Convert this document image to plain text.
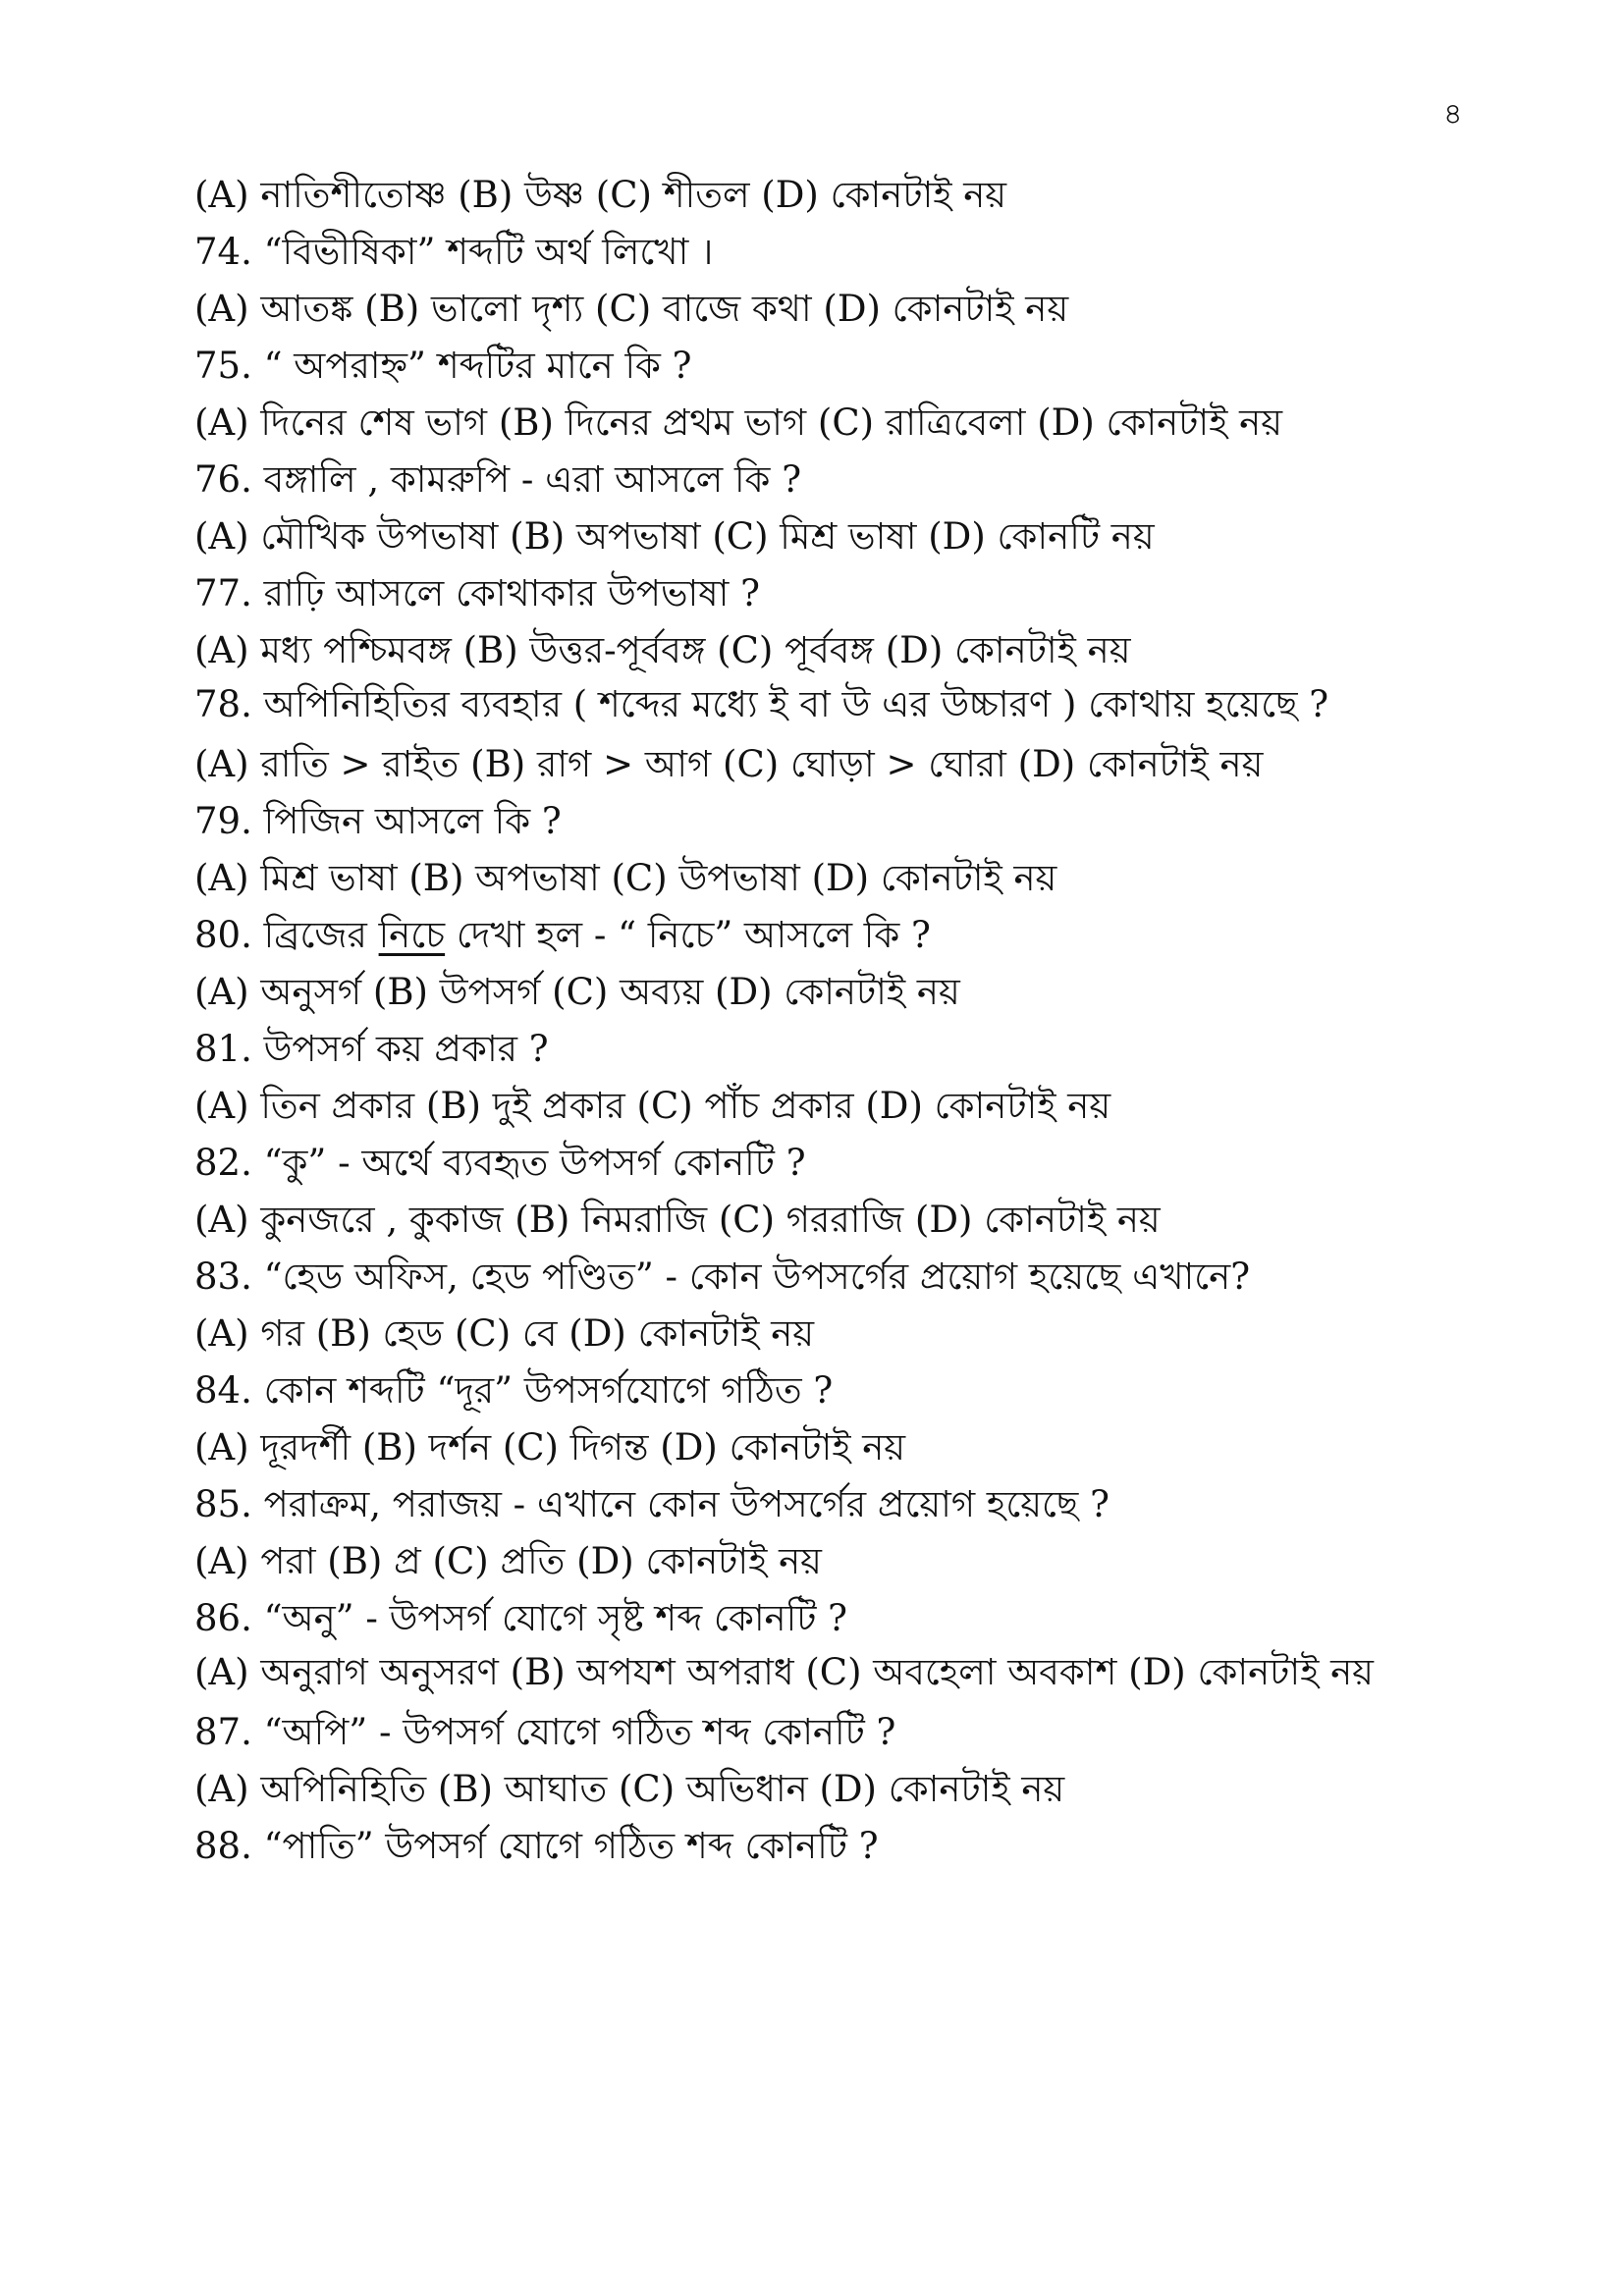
৪
(A) নাতিশীতোষ্ণ (B) উষ্ণ (C) শীতল (D) কোনটাই নয়
74. “বিভীষিকা” শব্দটি অর্থ লিখো ।
(A) আতঙ্ক (B) ভালো দৃশ্য (C) বাজে কথা (D) কোনটাই নয়
75. “ অপরাহ্ন” শব্দটির মানে কি ?
(A) দিনের শেষ ভাগ (B) দিনের প্রথম ভাগ (C) রাত্রিবেলা (D) কোনটাই নয়
76. বঙ্গালি , কামরুপি - এরা আসলে কি ?
(A) মৌখিক উপভাষা (B) অপভাষা (C) মিশ্র ভাষা (D) কোনটি নয়
77. রাঢ়ি আসলে কোথাকার উপভাষা ?
(A) মধ্য পশ্চিমবঙ্গ (B) উত্তর-পূর্ববঙ্গ (C) পূর্ববঙ্গ (D) কোনটাই নয়
78. অপিনিহিতির ব্যবহার ( শব্দের মধ্যে ই বা উ এর উচ্চারণ ) কোথায় হয়েছে ?
(A) রাতি > রাইত (B) রাগ > আগ (C) ঘোড়া > ঘোরা (D) কোনটাই নয়
79. পিজিন আসলে কি ?
(A) মিশ্র ভাষা (B) অপভাষা (C) উপভাষা (D) কোনটাই নয়
80. ব্রিজের নিচে দেখা হল - “ নিচে” আসলে কি ?
(A) অনুসর্গ (B) উপসর্গ (C) অব্যয় (D) কোনটাই নয়
81. উপসর্গ কয় প্রকার ?
(A) তিন প্রকার (B) দুই প্রকার (C) পাঁচ প্রকার (D) কোনটাই নয়
82. “কু” - অর্থে ব্যবহৃত উপসর্গ কোনটি ?
(A) কুনজরে , কুকাজ (B) নিমরাজি (C) গররাজি (D) কোনটাই নয়
83. “হেড অফিস, হেড পণ্ডিত” - কোন উপসর্গের প্রয়োগ হয়েছে এখানে?
(A) গর (B) হেড (C) বে (D) কোনটাই নয়
84. কোন শব্দটি “দূর” উপসর্গযোগে গঠিত ?
(A) দূরদর্শী (B) দর্শন (C) দিগন্ত (D) কোনটাই নয়
85. পরাক্রম, পরাজয় - এখানে কোন উপসর্গের প্রয়োগ হয়েছে ?
(A) পরা (B) প্র (C) প্রতি (D) কোনটাই নয়
86. “অনু” - উপসর্গ যোগে সৃষ্ট শব্দ কোনটি ?
(A) অনুরাগ অনুসরণ (B) অপযশ অপরাধ (C) অবহেলা অবকাশ (D) কোনটাই নয়
87. “অপি” - উপসর্গ যোগে গঠিত শব্দ কোনটি ?
(A) অপিনিহিতি (B) আঘাত (C) অভিধান (D) কোনটাই নয়
88. “পাতি” উপসর্গ যোগে গঠিত শব্দ কোনটি ?
